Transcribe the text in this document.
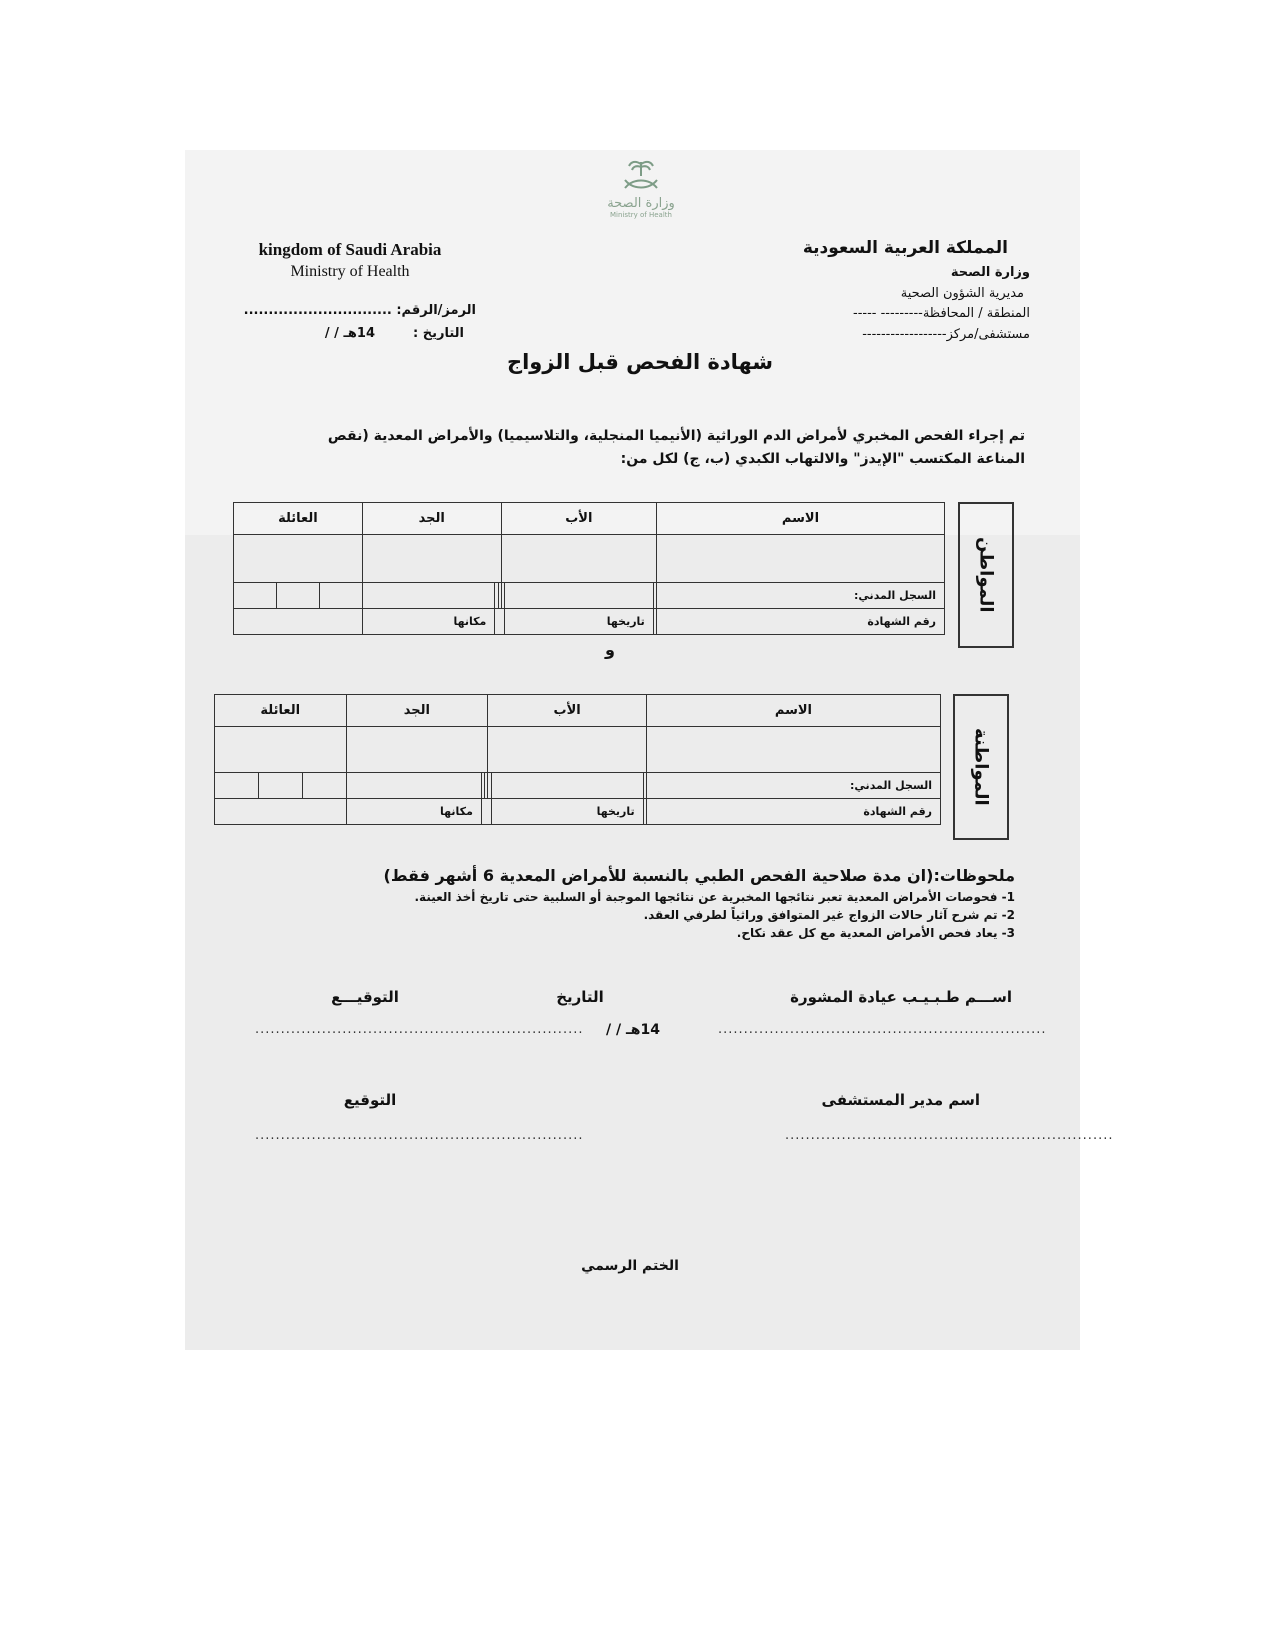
وزارة الصحة
Ministry of Health
kingdom of Saudi Arabia
Ministry of Health
المملكة العربية السعودية
وزارة الصحة
مديرية الشؤون الصحية
المنطقة / المحافظة--------- -----
مستشفى/مركز------------------
الرمز/الرقم: ..............................
التاريخ :
14هـ / /
شهادة الفحص قبل الزواج
تم إجراء الفحص المخبري لأمراض الدم الوراثية (الأنيميا المنجلية، والتلاسيميا) والأمراض المعدية (نقص المناعة المكتسب "الإيدز" والالتهاب الكبدي (ب، ج) لكل من:
المواطن
الاسم	الأب			الجد			العائلة		

السجل المدني:									
رقم الشهادة		تاريخها				مكانها			
و
المواطنة
الاسم	الأب			الجد			العائلة		

السجل المدني:									
رقم الشهادة		تاريخها				مكانها			
ملحوظات:(ان مدة صلاحية الفحص الطبي بالنسبة للأمراض المعدية 6 أشهر فقط)
1- فحوصات الأمراض المعدية تعبر نتائجها المخبرية عن نتائجها الموجبة أو السلبية حتى تاريخ أخذ العينة.
2- تم شرح آثار حالات الزواج غير المتوافق وراثياً لطرفي العقد.
3- يعاد فحص الأمراض المعدية مع كل عقد نكاح.
اســـم طـبـيـب عيادة المشورة
التاريخ
التوقيـــع
................................................................
14هـ / /
................................................................
اسم مدير المستشفى
التوقيع
................................................................
................................................................
الختم الرسمي
